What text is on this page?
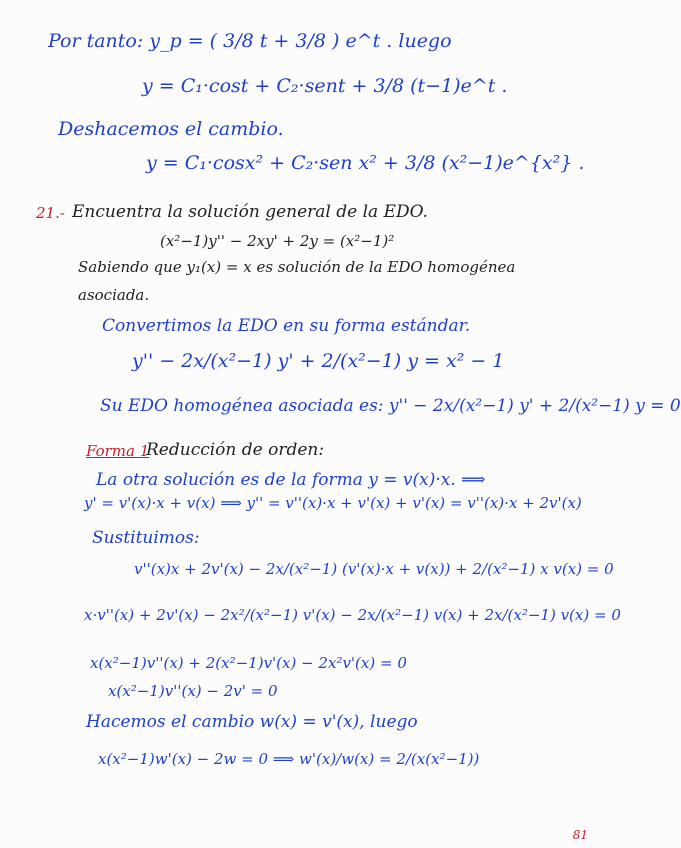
Por tanto: y_p = ( 3/8 t + 3/8 ) e^t . luego
y = C₁·cost + C₂·sent + 3/8 (t−1)e^t .
Deshacemos el cambio.
y = C₁·cosx² + C₂·sen x² + 3/8 (x²−1)e^{x²} .
21.- Encuentra la solución general de la EDO.
(x²−1)y'' − 2xy' + 2y = (x²−1)²
Sabiendo que y₁(x) = x es solución de la EDO homogénea
asociada.
Convertimos la EDO en su forma estándar.
y'' − 2x/(x²−1) y' + 2/(x²−1) y = x² − 1
Su EDO homogénea asociada es: y'' − 2x/(x²−1) y' + 2/(x²−1) y = 0
Forma 1
Reducción de orden:
La otra solución es de la forma y = v(x)·x. ⟹
y' = v'(x)·x + v(x) ⟹ y'' = v''(x)·x + v'(x) + v'(x) = v''(x)·x + 2v'(x)
Sustituimos:
v''(x)x + 2v'(x) − 2x/(x²−1) (v'(x)·x + v(x)) + 2/(x²−1) x v(x) = 0
x·v''(x) + 2v'(x) − 2x²/(x²−1) v'(x) − 2x/(x²−1) v(x) + 2x/(x²−1) v(x) = 0
x(x²−1)v''(x) + 2(x²−1)v'(x) − 2x²v'(x) = 0
x(x²−1)v''(x) − 2v' = 0
Hacemos el cambio w(x) = v'(x), luego
x(x²−1)w'(x) − 2w = 0 ⟹ w'(x)/w(x) = 2/(x(x²−1))
81
